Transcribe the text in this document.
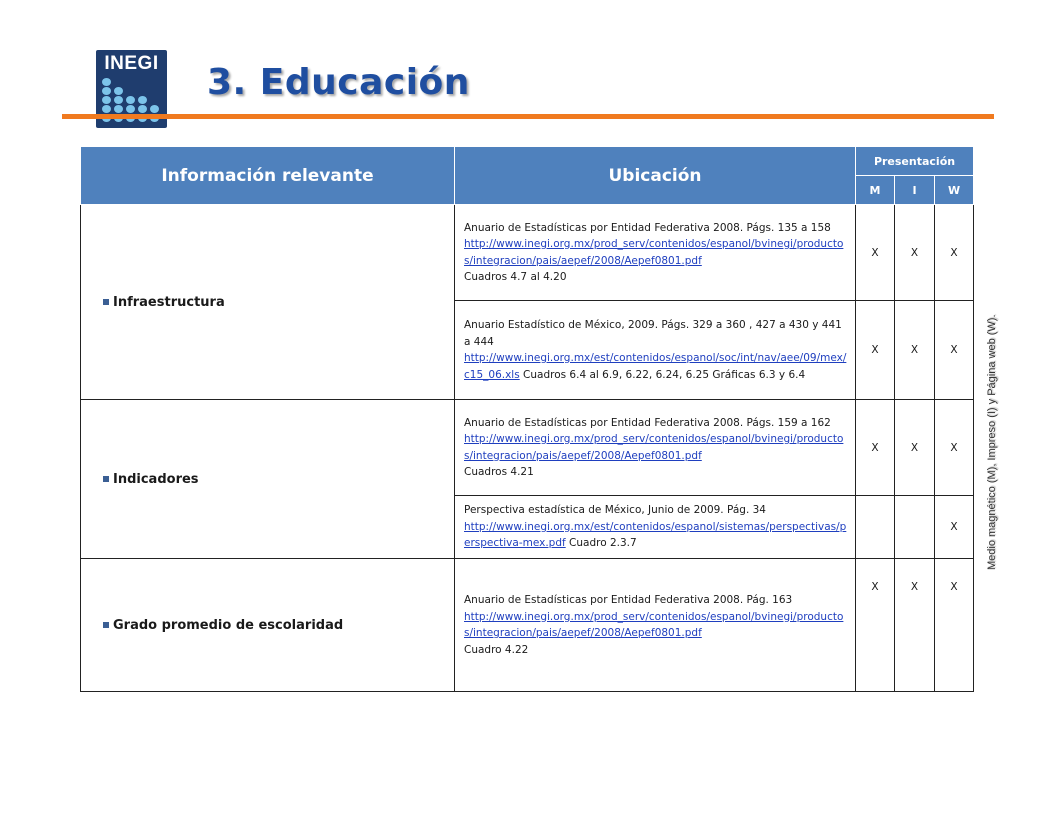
INEGI 3. Educación
Información relevante	Ubicación	Presentación		
		M	I	W
Infraestructura	Anuario de Estadísticas por Entidad Federativa 2008. Págs. 135 a 158
http://www.inegi.org.mx/prod_serv/contenidos/espanol/bvinegi/productos/integracion/pais/aepef/2008/Aepef0801.pdf
Cuadros 4.7 al 4.20	X	X	X
	Anuario Estadístico de México, 2009. Págs. 329 a 360 , 427 a 430 y 441 a 444
http://www.inegi.org.mx/est/contenidos/espanol/soc/int/nav/aee/09/mex/c15_06.xls Cuadros 6.4 al 6.9, 6.22, 6.24, 6.25 Gráficas 6.3 y 6.4	X	X	X
Indicadores	Anuario de Estadísticas por Entidad Federativa 2008. Págs. 159 a 162
http://www.inegi.org.mx/prod_serv/contenidos/espanol/bvinegi/productos/integracion/pais/aepef/2008/Aepef0801.pdf
Cuadros 4.21	X	X	X
	Perspectiva estadística de México, Junio de 2009. Pág. 34
http://www.inegi.org.mx/est/contenidos/espanol/sistemas/perspectivas/perspectiva-mex.pdf Cuadro 2.3.7			X
Grado promedio de escolaridad	Anuario de Estadísticas por Entidad Federativa 2008. Pág. 163
http://www.inegi.org.mx/prod_serv/contenidos/espanol/bvinegi/productos/integracion/pais/aepef/2008/Aepef0801.pdf
Cuadro 4.22	X	X	X
Medio magnético (M), Impreso (I) y Página web (W).
